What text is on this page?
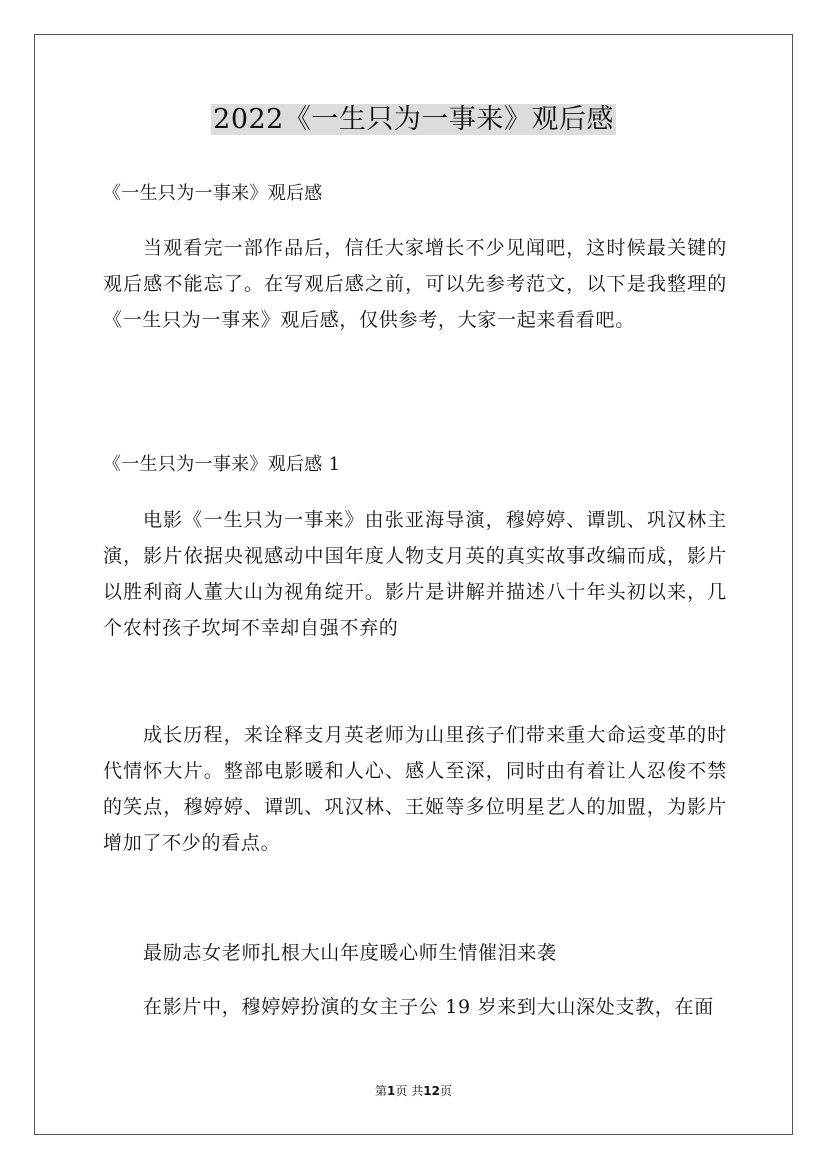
2022《一生只为一事来》观后感

《一生只为一事来》观后感

当观看完一部作品后，信任大家增长不少见闻吧，这时候最关键的观后感不能忘了。在写观后感之前，可以先参考范文，以下是我整理的《一生只为一事来》观后感，仅供参考，大家一起来看看吧。

《一生只为一事来》观后感 1

电影《一生只为一事来》由张亚海导演，穆婷婷、谭凯、巩汉林主演，影片依据央视感动中国年度人物支月英的真实故事改编而成，影片以胜利商人董大山为视角绽开。影片是讲解并描述八十年头初以来，几个农村孩子坎坷不幸却自强不弃的

成长历程，来诠释支月英老师为山里孩子们带来重大命运变革的时代情怀大片。整部电影暖和人心、感人至深，同时由有着让人忍俊不禁的笑点，穆婷婷、谭凯、巩汉林、王姬等多位明星艺人的加盟，为影片增加了不少的看点。

最励志女老师扎根大山年度暖心师生情催泪来袭

在影片中，穆婷婷扮演的女主子公 19 岁来到大山深处支教，在面

第1页 共12页
